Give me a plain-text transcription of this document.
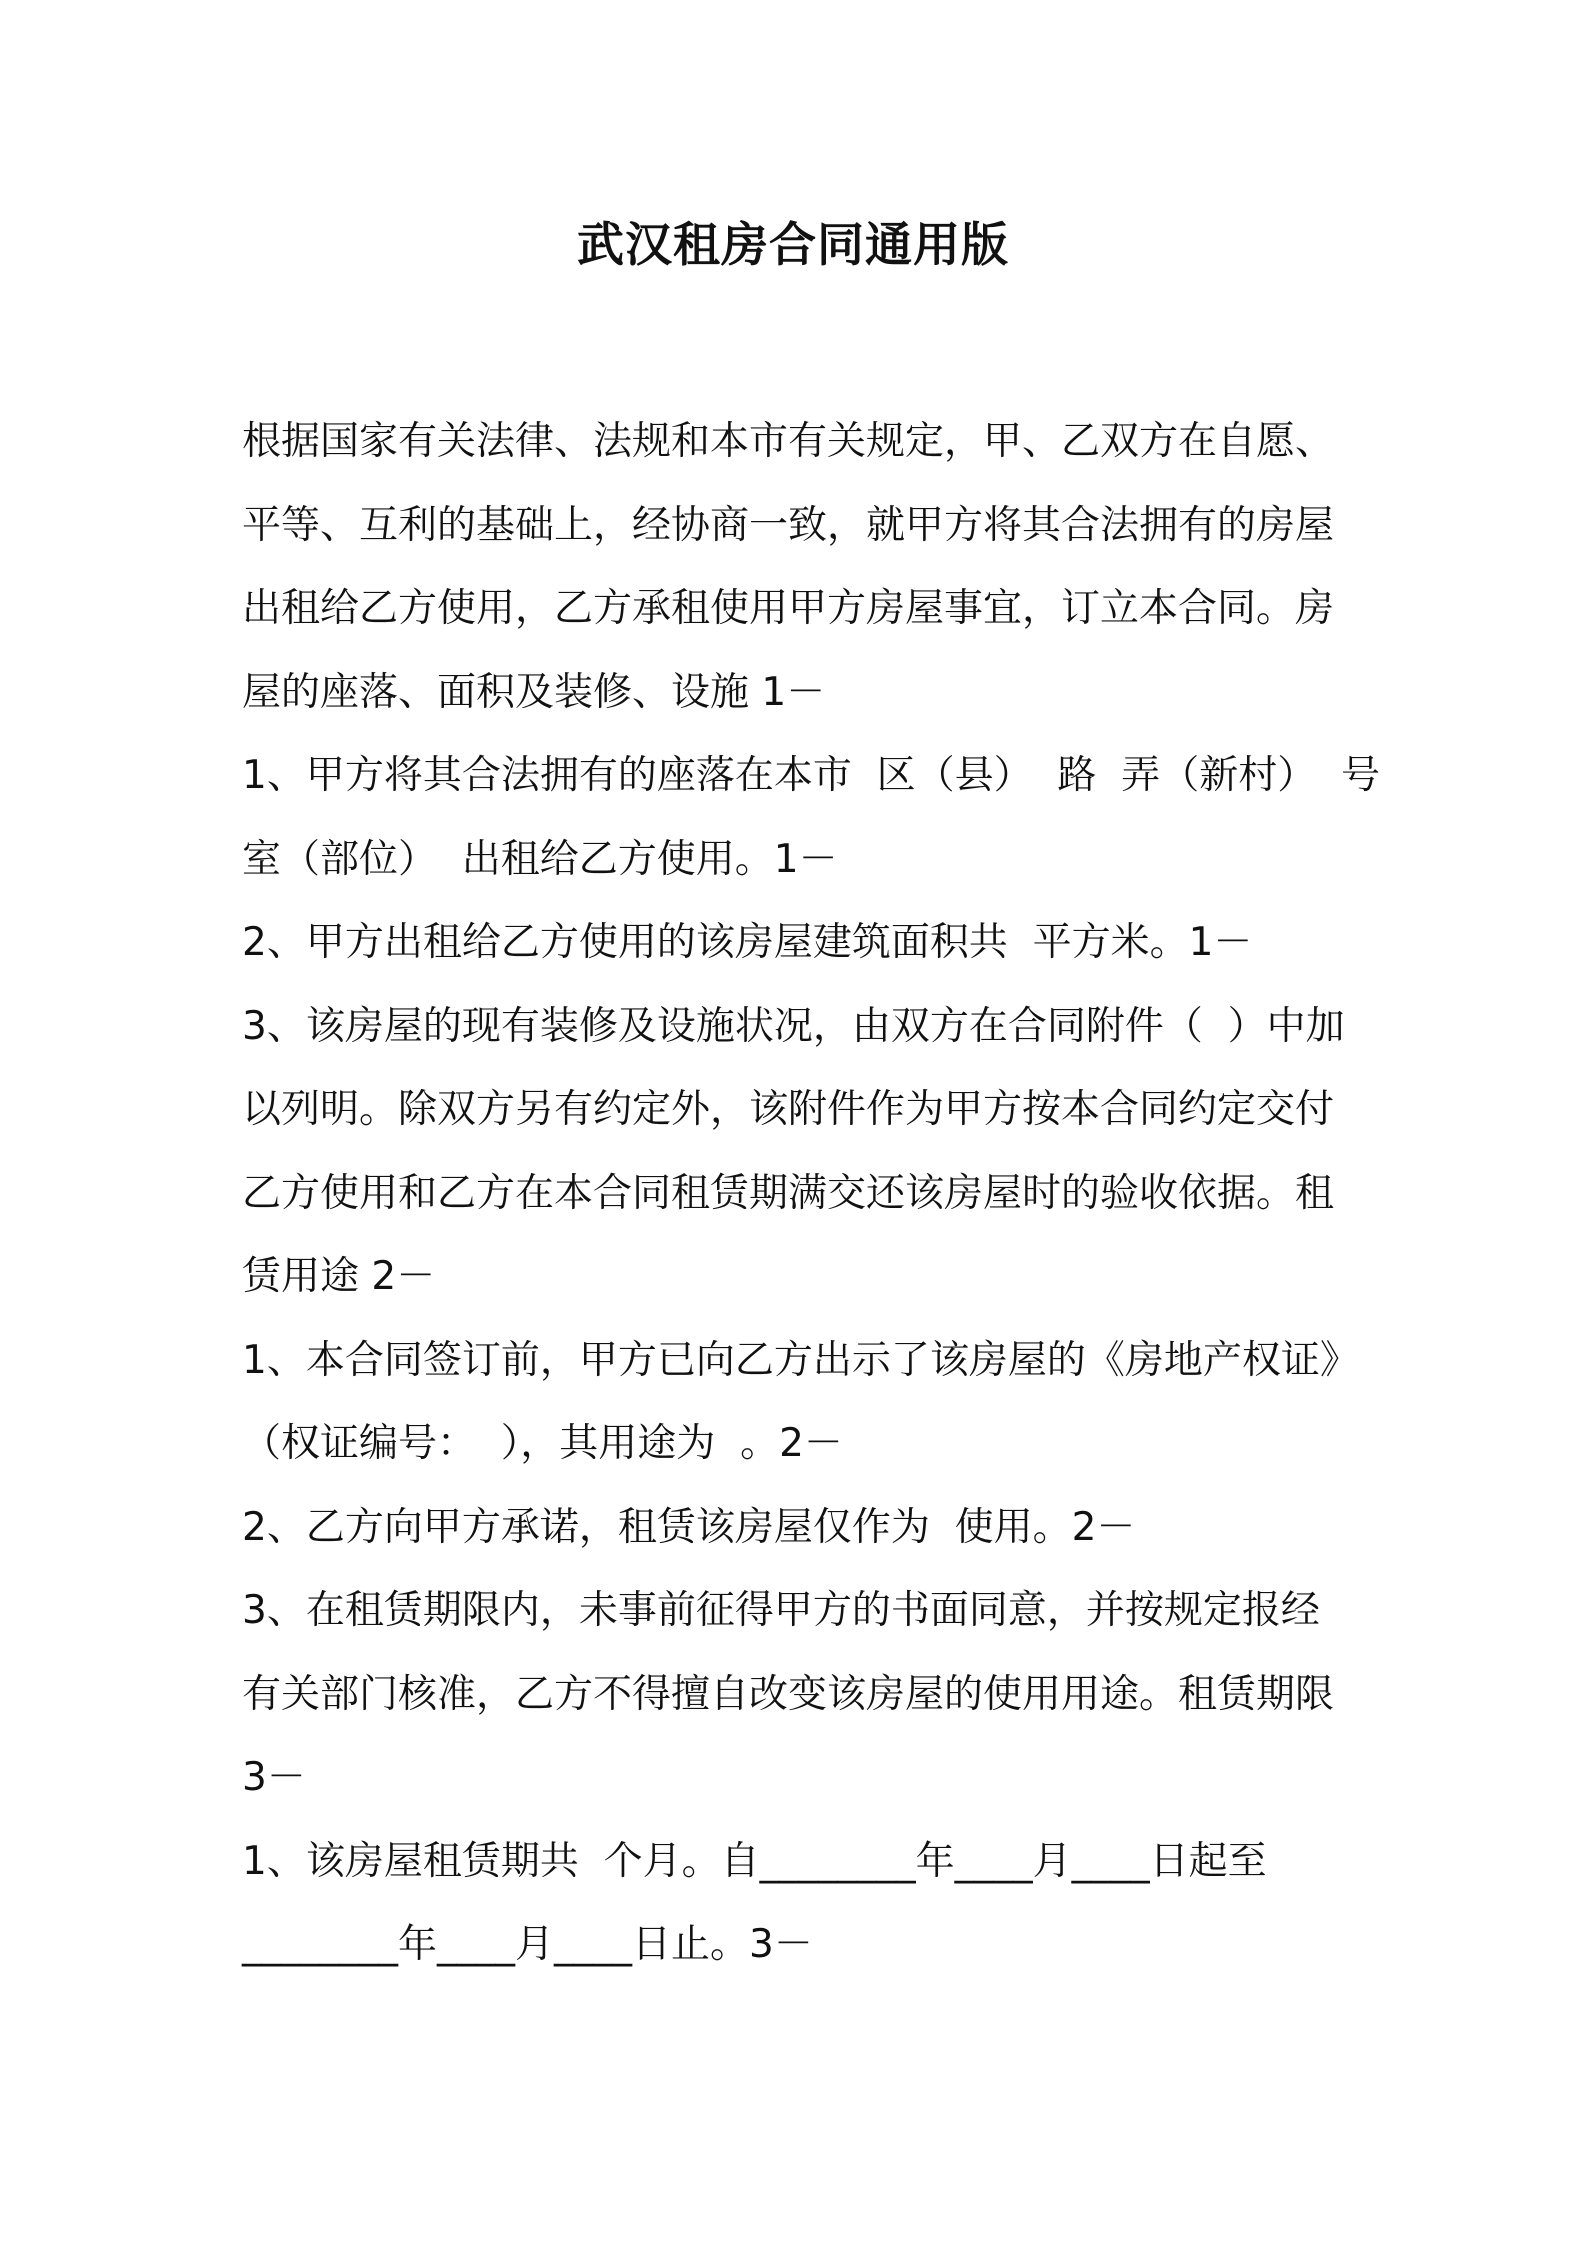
武汉租房合同通用版

根据国家有关法律、法规和本市有关规定，甲、乙双方在自愿、

平等、互利的基础上，经协商一致，就甲方将其合法拥有的房屋

出租给乙方使用，乙方承租使用甲方房屋事宜，订立本合同。房

屋的座落、面积及装修、设施 1－

1、甲方将其合法拥有的座落在本市  区（县）  路  弄（新村）  号

室（部位）  出租给乙方使用。1－

2、甲方出租给乙方使用的该房屋建筑面积共  平方米。1－

3、该房屋的现有装修及设施状况，由双方在合同附件（  ）中加

以列明。除双方另有约定外，该附件作为甲方按本合同约定交付

乙方使用和乙方在本合同租赁期满交还该房屋时的验收依据。租

赁用途 2－

1、本合同签订前，甲方已向乙方出示了该房屋的《房地产权证》

（权证编号：  ），其用途为  。2－

2、乙方向甲方承诺，租赁该房屋仅作为  使用。2－

3、在租赁期限内，未事前征得甲方的书面同意，并按规定报经

有关部门核准，乙方不得擅自改变该房屋的使用用途。租赁期限

3－

1、该房屋租赁期共  个月。自________年____月____日起至

________年____月____日止。3－
